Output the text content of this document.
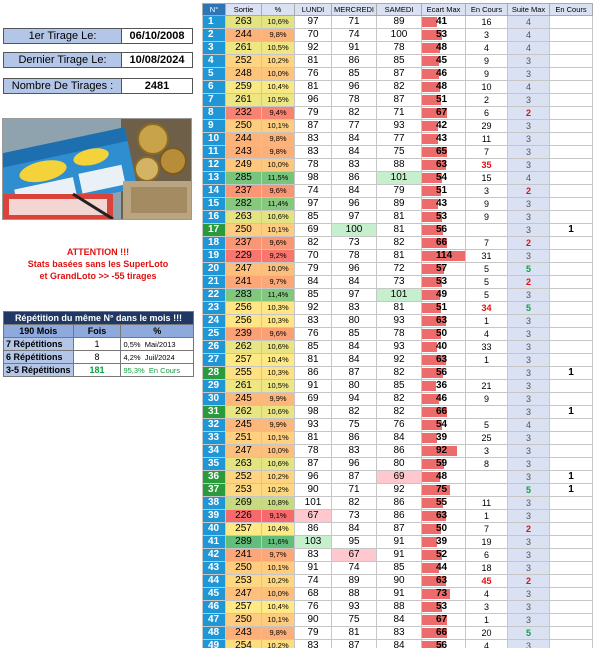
1er Tirage Le:	06/10/2008
Dernier Tirage Le:	10/08/2024
Nombre De Tirages :	2481
ATTENTION !!!
Stats basées sans les SuperLoto
et GrandLoto >> -55 tirages
Répétition du même N° dans le mois !!!		
190 Mois	Fois	%
7 Répétitions	1	0,5% Mai/2013
6 Répétitions	8	4,2% Juil/2024
3-5 Répétitions	181	95,3% En Cours
N°	Sortie	%	LUNDI	MERCREDI	SAMEDI	Ecart Max	En Cours	Suite Max	En Cours
1	263	10,6%	97	71	89	41	16	4	
2	244	9,8%	70	74	100	53	3	4	
3	261	10,5%	92	91	78	48	4	4	
4	252	10,2%	81	86	85	45	9	3	
5	248	10,0%	76	85	87	46	9	3	
6	259	10,4%	81	96	82	48	10	4	
7	261	10,5%	96	78	87	51	2	3	
8	232	9,4%	79	82	71	67	6	2	
9	250	10,1%	87	77	93	42	29	3	
10	244	9,8%	83	84	77	43	11	3	
11	243	9,8%	83	84	75	65	7	3	
12	249	10,0%	78	83	88	63	35	3	
13	285	11,5%	98	86	101	54	15	4	
14	237	9,6%	74	84	79	51	3	2	
15	282	11,4%	97	96	89	43	9	3	
16	263	10,6%	85	97	81	53	9	3	
17	250	10,1%	69	100	81	56		3	1
18	237	9,6%	82	73	82	66	7	2	
19	229	9,2%	70	78	81	114	31	3	
20	247	10,0%	79	96	72	57	5	5	
21	241	9,7%	84	84	73	53	5	2	
22	283	11,4%	85	97	101	49	5	3	
23	256	10,3%	92	83	81	51	34	5	
24	256	10,3%	83	80	93	63	1	3	
25	239	9,6%	76	85	78	50	4	3	
26	262	10,6%	85	84	93	40	33	3	
27	257	10,4%	81	84	92	63	1	3	
28	255	10,3%	86	87	82	56		3	1
29	261	10,5%	91	80	85	36	21	3	
30	245	9,9%	69	94	82	46	9	3	
31	262	10,6%	98	82	82	66		3	1
32	245	9,9%	93	75	76	54	5	4	
33	251	10,1%	81	86	84	39	25	3	
34	247	10,0%	78	83	86	92	3	3	
35	263	10,6%	87	96	80	59	8	3	
36	252	10,2%	96	87	69	48		3	1
37	253	10,2%	90	71	92	75		5	1
38	269	10,8%	101	82	86	55	11	3	
39	226	9,1%	67	73	86	63	1	3	
40	257	10,4%	86	84	87	50	7	2	
41	289	11,6%	103	95	91	39	19	3	
42	241	9,7%	83	67	91	52	6	3	
43	250	10,1%	91	74	85	44	18	3	
44	253	10,2%	74	89	90	63	45	2	
45	247	10,0%	68	88	91	73	4	3	
46	257	10,4%	76	93	88	53	3	3	
47	250	10,1%	90	75	84	67	1	3	
48	243	9,8%	79	81	83	66	20	5	
49	254	10,2%	83	87	84	56	4	3	
